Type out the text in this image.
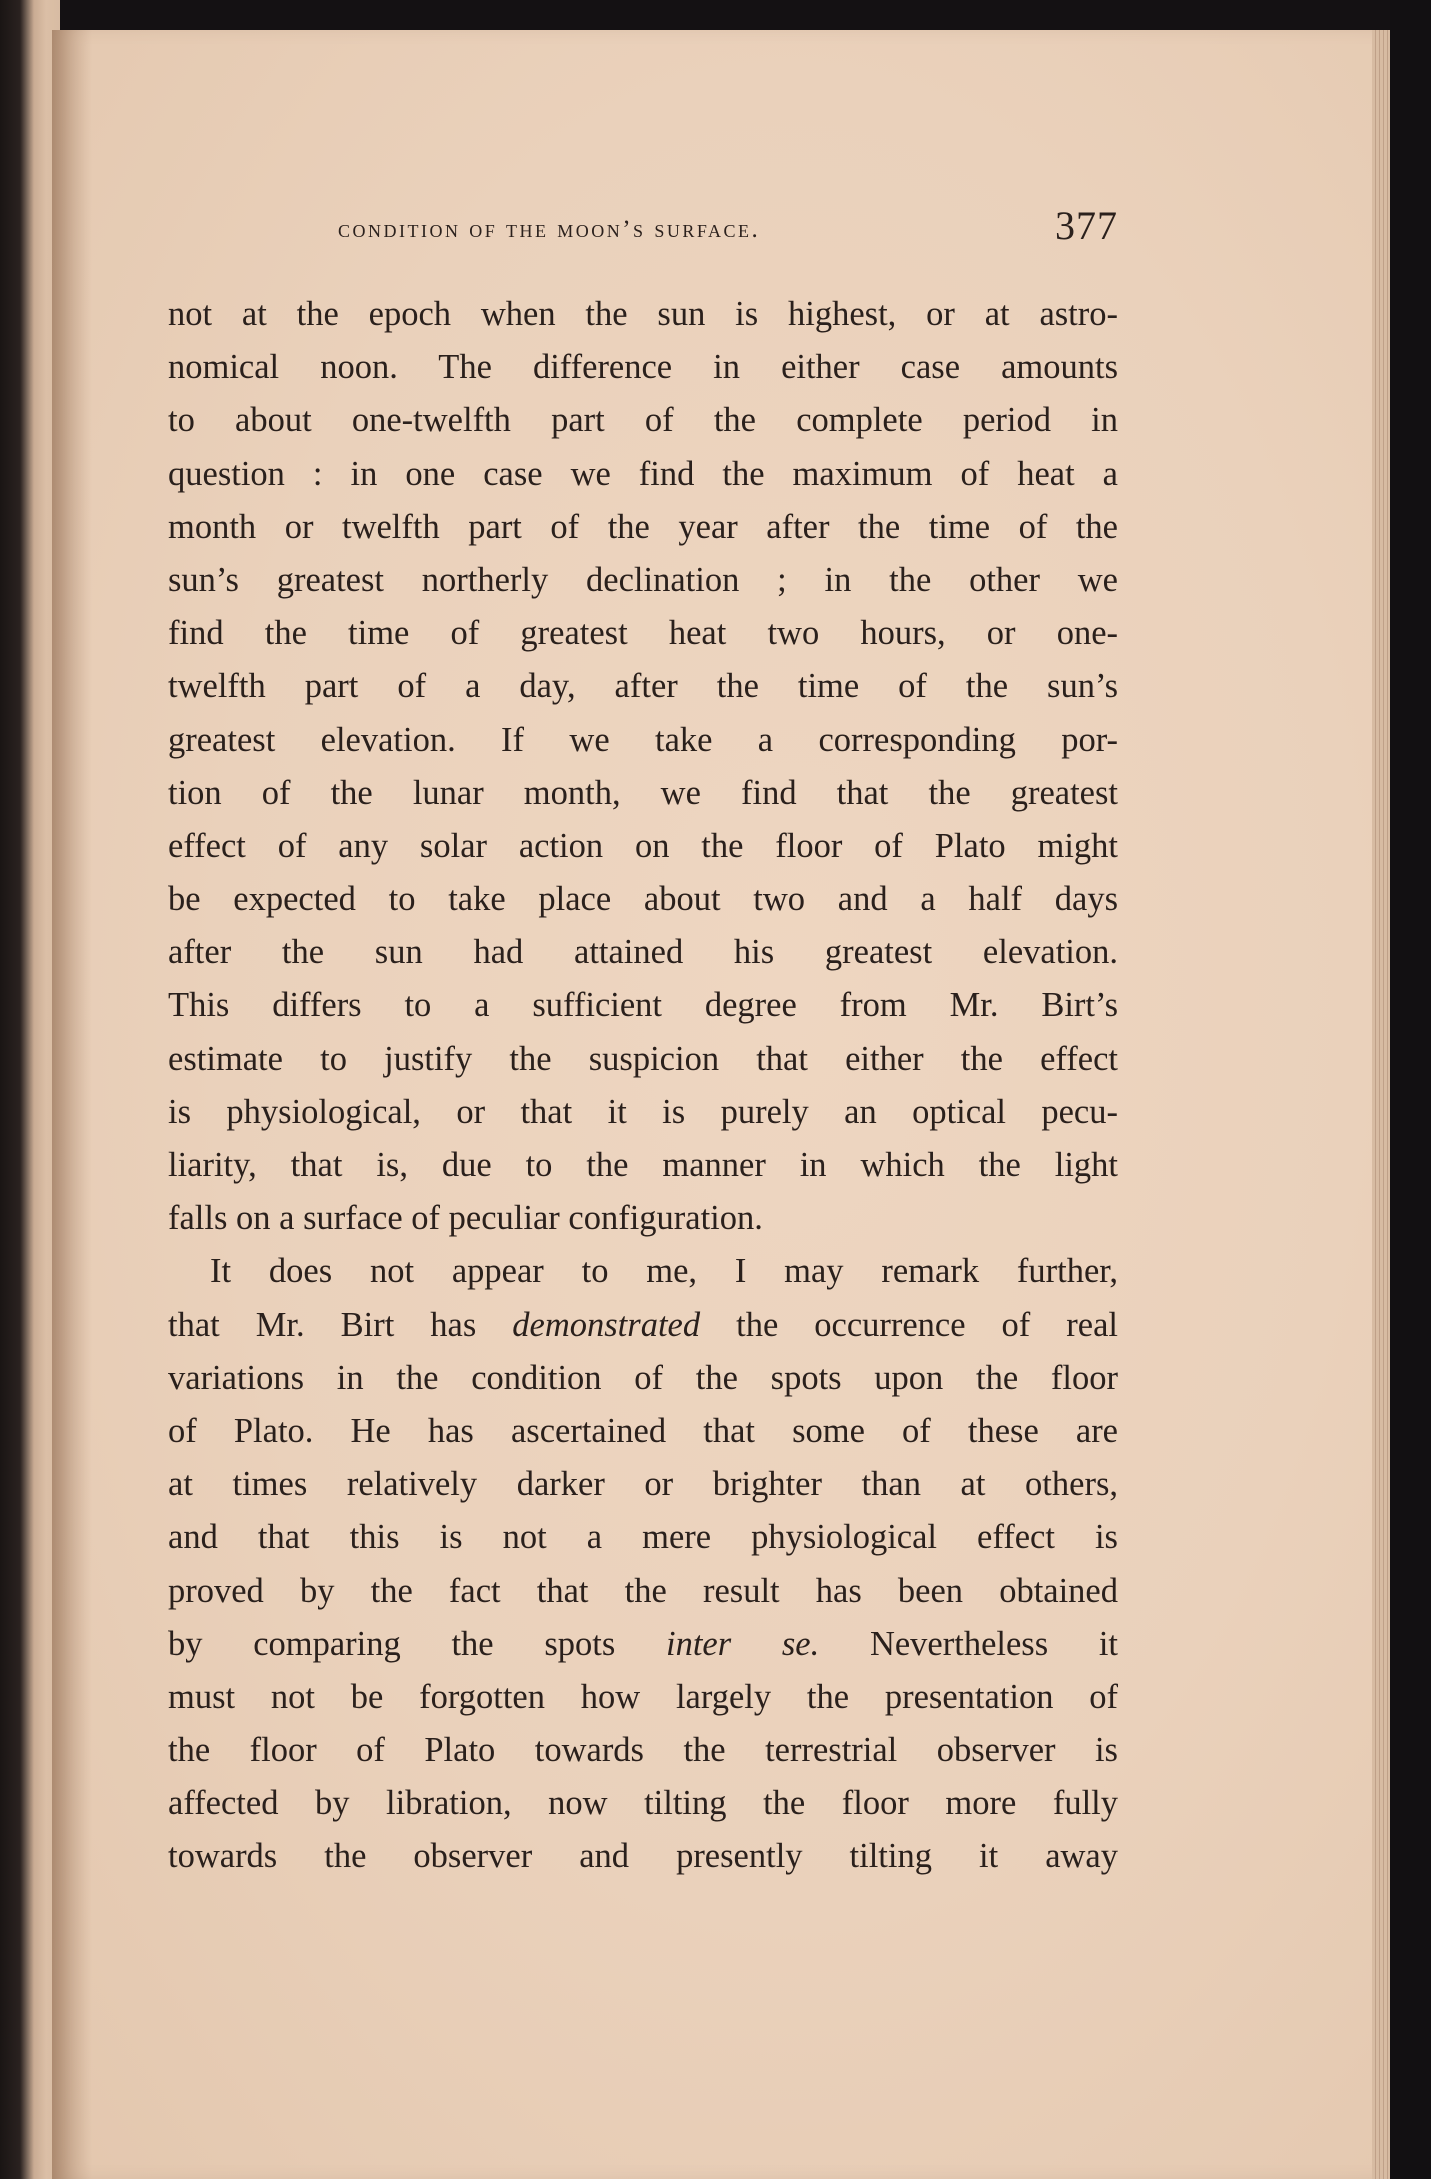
condition of the moon’s surface.	377
not at the epoch when the sun is highest, or at astro-
nomical noon. The difference in either case amounts
to about one-twelfth part of the complete period in
question : in one case we find the maximum of heat a
month or twelfth part of the year after the time of the
sun’s greatest northerly declination ; in the other we
find the time of greatest heat two hours, or one-
twelfth part of a day, after the time of the sun’s
greatest elevation. If we take a corresponding por-
tion of the lunar month, we find that the greatest
effect of any solar action on the floor of Plato might
be expected to take place about two and a half days
after the sun had attained his greatest elevation.
This differs to a sufficient degree from Mr. Birt’s
estimate to justify the suspicion that either the effect
is physiological, or that it is purely an optical pecu-
liarity, that is, due to the manner in which the light
falls on a surface of peculiar configuration.
It does not appear to me, I may remark further,
that Mr. Birt has demonstrated the occurrence of real
variations in the condition of the spots upon the floor
of Plato. He has ascertained that some of these are
at times relatively darker or brighter than at others,
and that this is not a mere physiological effect is
proved by the fact that the result has been obtained
by comparing the spots inter se. Nevertheless it
must not be forgotten how largely the presentation of
the floor of Plato towards the terrestrial observer is
affected by libration, now tilting the floor more fully
towards the observer and presently tilting it away
